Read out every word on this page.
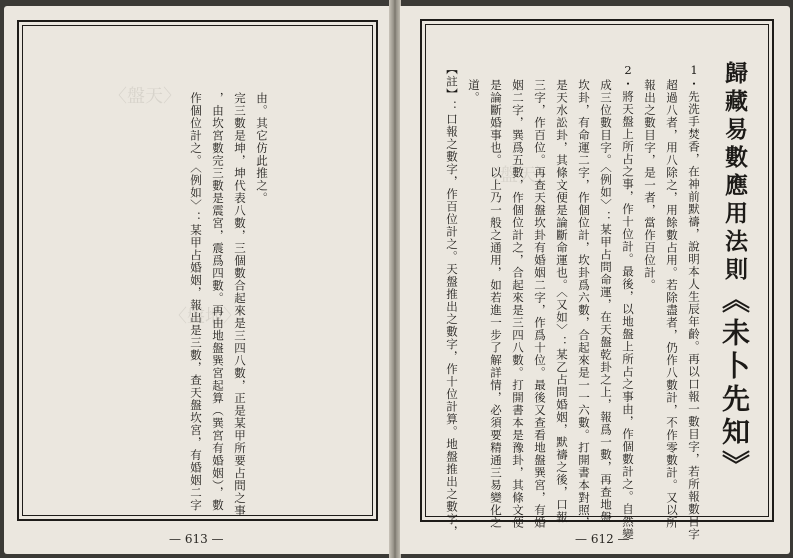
〈盤天〉
〈盤地〉
作個位計之。〈例如〉：某甲占婚姻，報出是三數，查天盤坎宮，有婚姻二字 ，由坎宮數完三數是震宮，震爲四數。再由地盤巽宮起算（巽宮有婚姻），數 完三數是坤，坤代表八數，三個數合起來是三四八數，正是某甲所要占問之事 由。其它仿此推之。
— 613 —
〈盤天〉	歸藏易數應用法則《未卜先知》
1・先洗手焚香，在神前默禱，說明本人生辰年齡。再以口報一數目字，若所報數目字
超過八者，用八除之，用餘數占用。若除盡者，仍作八數計，不作零數計。又以所
報出之數目字，是一者，當作百位計。
2・將天盤上所占之事，作十位計。最後，以地盤上所占之事由，作個數計之。自然變
成三位數目字。〈例如〉：某甲占問命運，在天盤乾卦之上，報爲一數，再查地盤
坎卦，有命運二字，作個位計，坎卦爲六數，合起來是一一六數。打開書本對照，
是天水訟卦，其條文便是論斷命運也。〈又如〉：某乙占問婚姻，默禱之後，口報
三字，作百位。再查天盤坎卦有婚姻二字，作爲十位。最後又查看地盤巽宮，有婚
姻二字，巽爲五數，作個位計之，合起來是三四八數。打開書本是豫卦，其條文便
是論斷婚事也。以上乃一般之通用，如若進一步了解詳情，必須要精通三易變化之
道。
【註】：口報之數字，作百位計之。天盤推出之數字，作十位計算。地盤推出之數字，
— 612 —
